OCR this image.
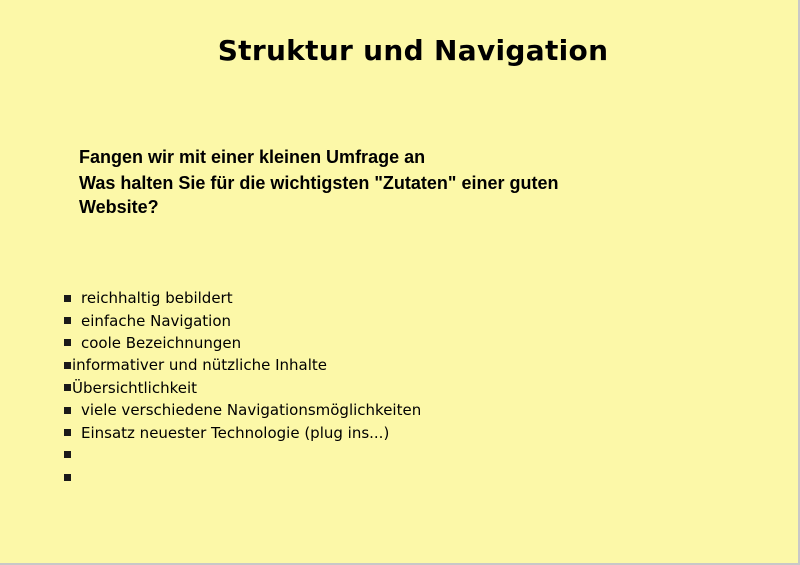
Struktur und Navigation
Fangen wir mit einer kleinen Umfrage an
Was halten Sie für die wichtigsten "Zutaten" einer guten Website?
reichhaltig bebildert
einfache Navigation
coole Bezeichnungen
informativer und nützliche Inhalte
Übersichtlichkeit
viele verschiedene Navigationsmöglichkeiten
Einsatz neuester Technologie (plug ins...)
